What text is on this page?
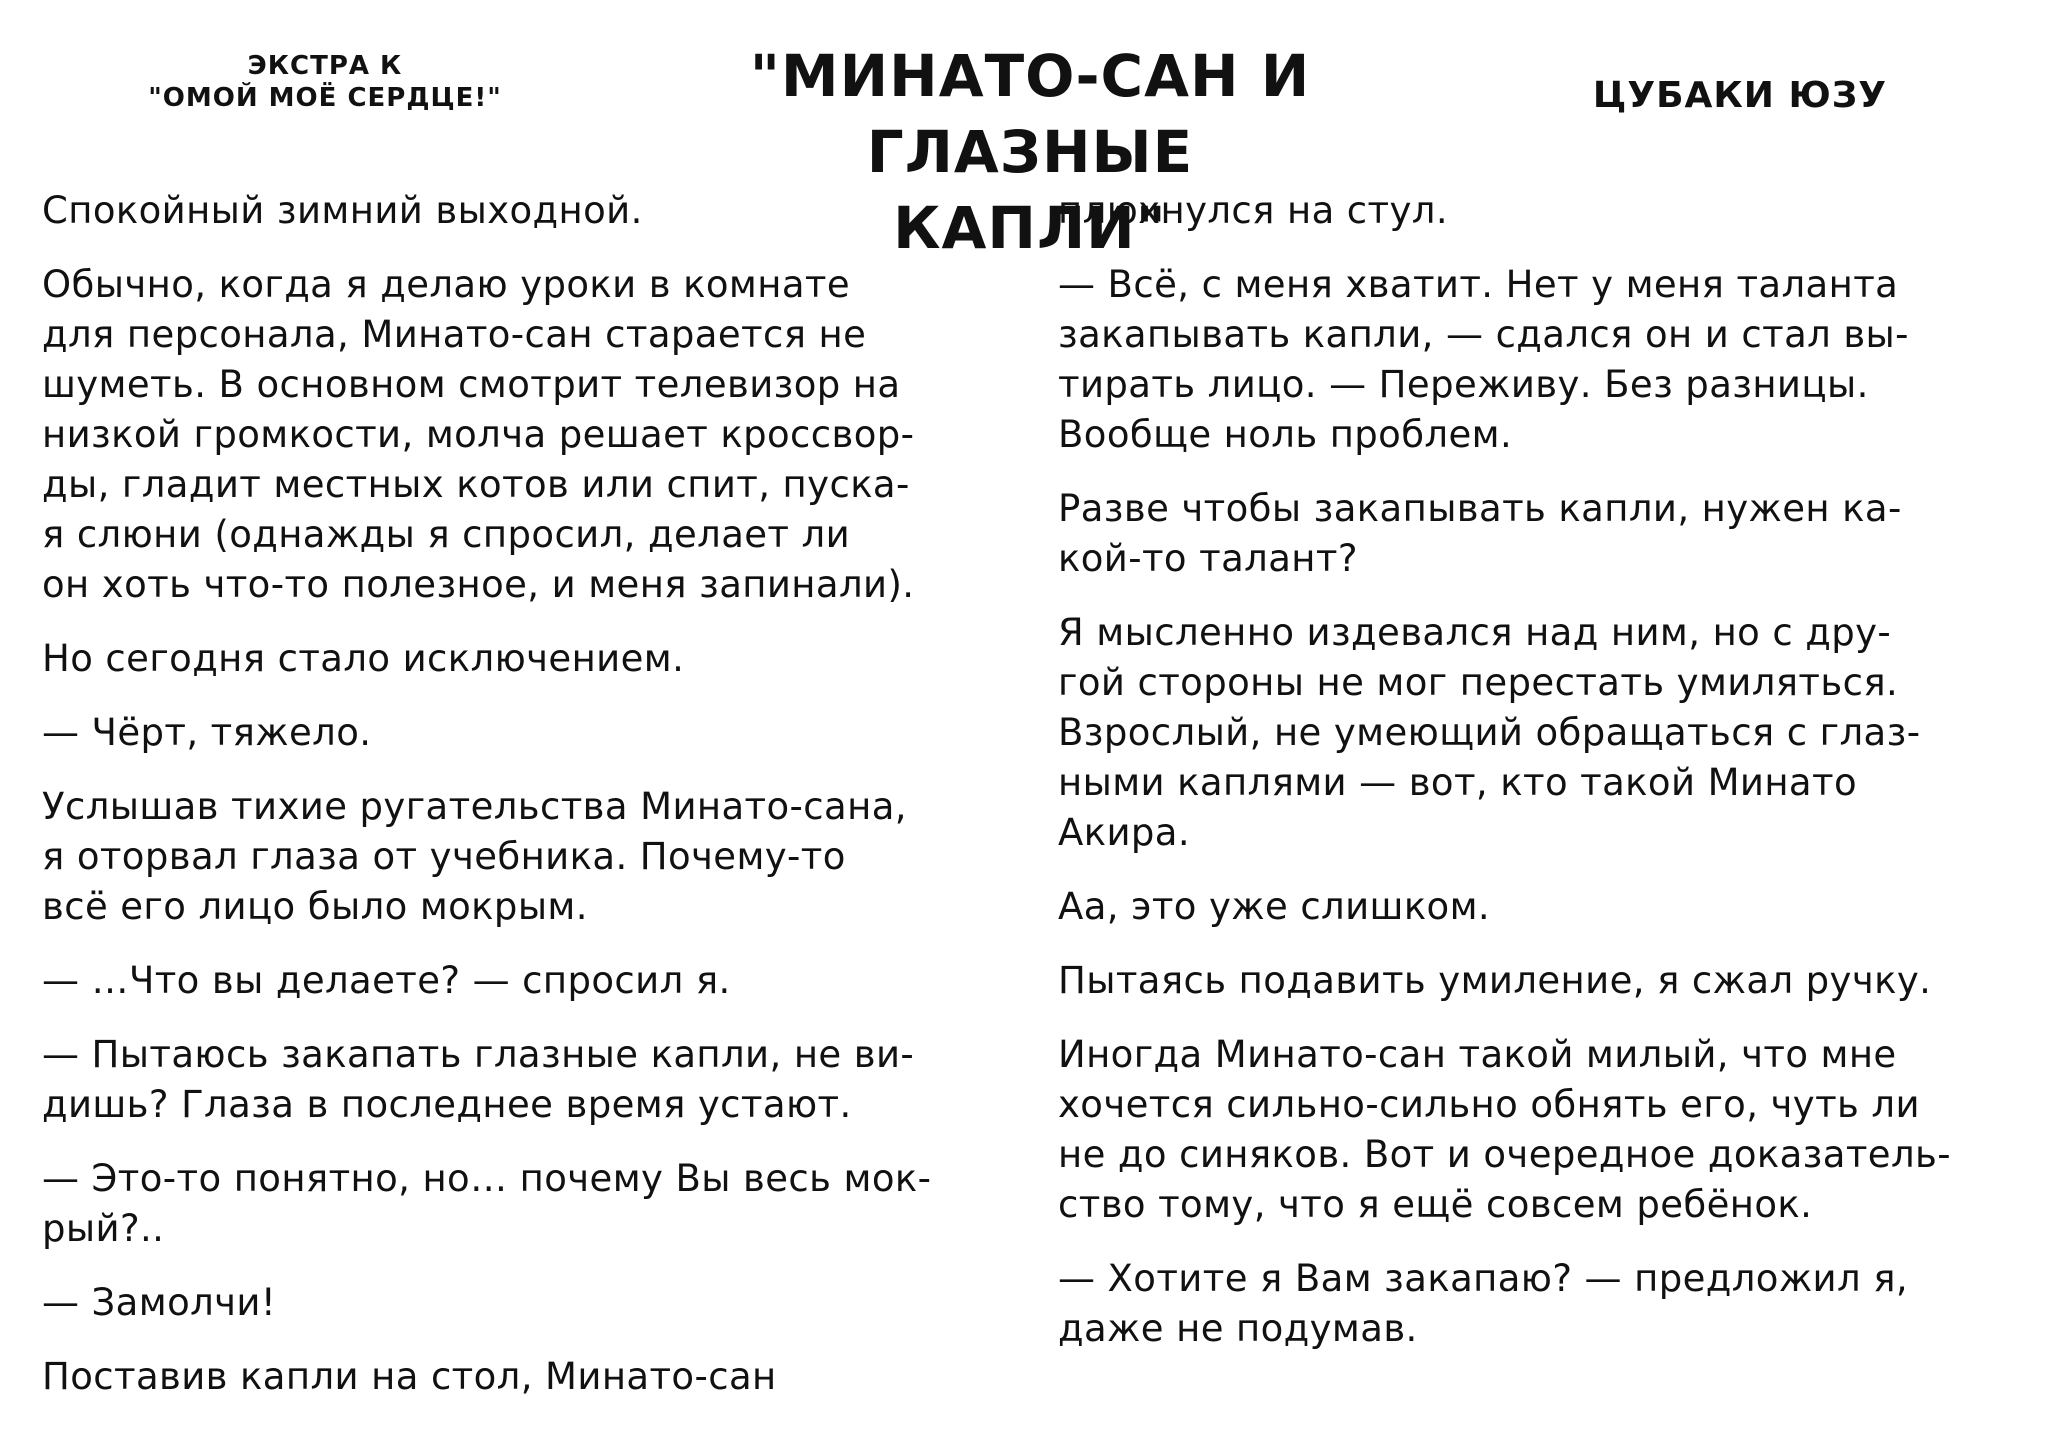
ЭКСТРА К
"ОМОЙ МОЁ СЕРДЦЕ!"	"МИНАТО-САН И ГЛАЗНЫЕ
КАПЛИ"
ЦУБАКИ ЮЗУ
Спокойный зимний выходной.
Обычно, когда я делаю уроки в комнате
для персонала, Минато-сан старается не
шуметь. В основном смотрит телевизор на
низкой громкости, молча решает кроссвор-
ды, гладит местных котов или спит, пуска-
я слюни (однажды я спросил, делает ли
он хоть что-то полезное, и меня запинали).
Но сегодня стало исключением.
— Чёрт, тяжело.
Услышав тихие ругательства Минато-сана,
я оторвал глаза от учебника. Почему-то
всё его лицо было мокрым.
— …Что вы делаете? — спросил я.
— Пытаюсь закапать глазные капли, не ви-
дишь? Глаза в последнее время устают.
— Это-то понятно, но… почему Вы весь мок-
рый?..
— Замолчи!
Поставив капли на стол, Минато-сан
плюхнулся на стул.
— Всё, с меня хватит. Нет у меня таланта
закапывать капли, — сдался он и стал вы-
тирать лицо. — Переживу. Без разницы.
Вообще ноль проблем.
Разве чтобы закапывать капли, нужен ка-
кой-то талант?
Я мысленно издевался над ним, но с дру-
гой стороны не мог перестать умиляться.
Взрослый, не умеющий обращаться с глаз-
ными каплями — вот, кто такой Минато
Акира.
Аа, это уже слишком.
Пытаясь подавить умиление, я сжал ручку.
Иногда Минато-сан такой милый, что мне
хочется сильно-сильно обнять его, чуть ли
не до синяков. Вот и очередное доказатель-
ство тому, что я ещё совсем ребёнок.
— Хотите я Вам закапаю? — предложил я,
даже не подумав.
